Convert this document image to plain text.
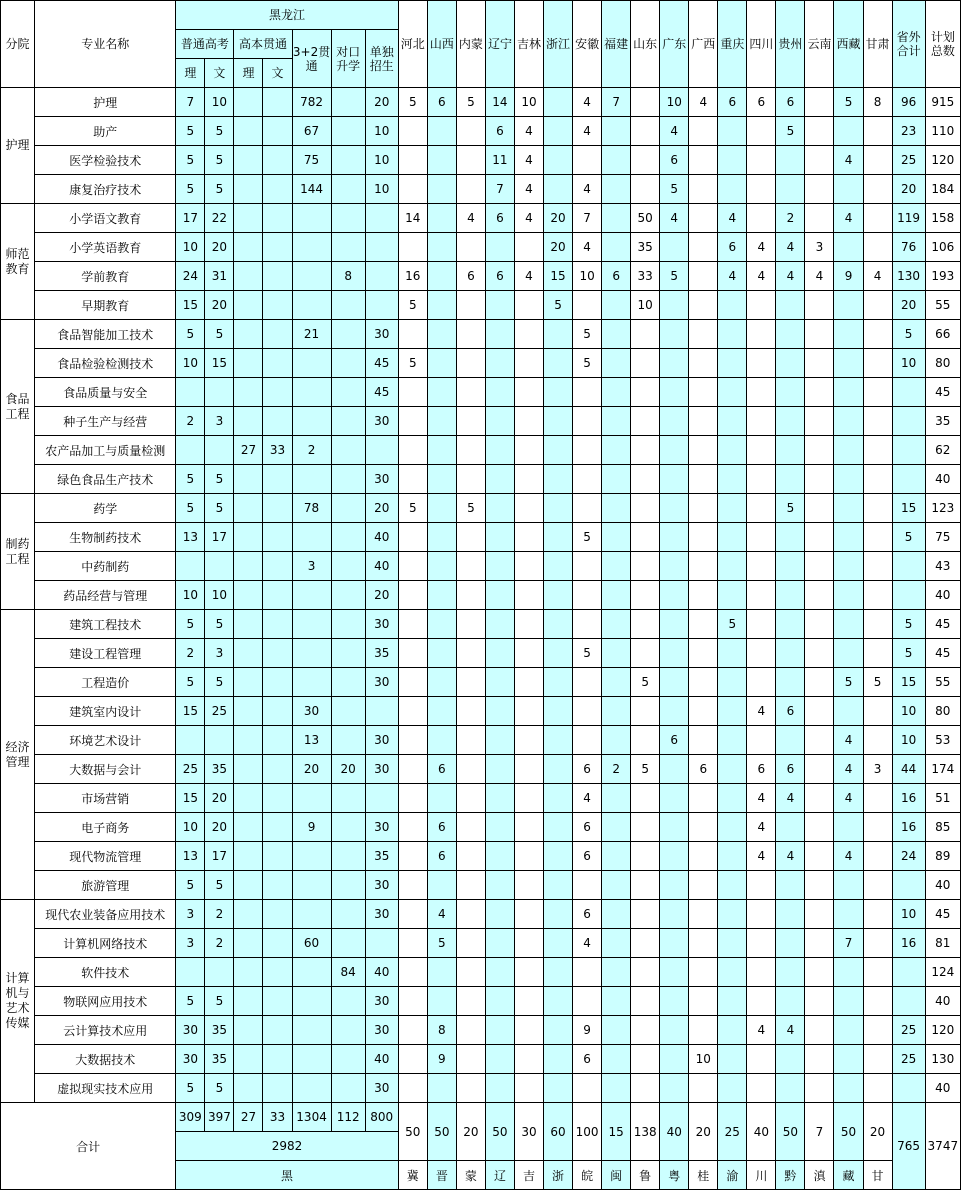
分院	专业名称	黑龙江							河北	山西	内蒙	辽宁	吉林	浙江	安徽	福建	山东	广东	广西	重庆	四川	贵州	云南	西藏	甘肃	省外合计	计划总数
		普通高考		高本贯通		3+2贯通	对口升学	单独招生																			
		理	文	理	文																						
护理	护理	7	10			782		20	5	6	5	14	10		4	7		10	4	6	6	6		5	8	96	915
	助产	5	5			67		10				6	4		4			4				5				23	110
	医学检验技术	5	5			75		10				11	4					6						4		25	120
	康复治疗技术	5	5			144		10				7	4		4			5								20	184
师范教育	小学语文教育	17	22						14		4	6	4	20	7		50	4		4		2		4		119	158
	小学英语教育	10	20											20	4		35			6	4	4	3			76	106
	学前教育	24	31				8		16		6	6	4	15	10	6	33	5		4	4	4	4	9	4	130	193
	早期教育	15	20						5					5			10									20	55
食品工程	食品智能加工技术	5	5			21		30							5											5	66
	食品检验检测技术	10	15					45	5						5											10	80
	食品质量与安全							45																			45
	种子生产与经营	2	3					30																			35
	农产品加工与质量检测			27	33	2																					62
	绿色食品生产技术	5	5					30																			40
制药工程	药学	5	5			78		20	5		5											5				15	123
	生物制药技术	13	17					40							5											5	75
	中药制药					3		40																			43
	药品经营与管理	10	10					20																			40
经济管理	建筑工程技术	5	5					30												5						5	45
	建设工程管理	2	3					35							5											5	45
	工程造价	5	5					30									5							5	5	15	55
	建筑室内设计	15	25			30															4	6				10	80
	环境艺术设计					13		30										6						4		10	53
	大数据与会计	25	35			20	20	30		6					6	2	5		6		6	6		4	3	44	174
	市场营销	15	20												4						4	4		4		16	51
	电子商务	10	20			9		30		6					6						4					16	85
	现代物流管理	13	17					35		6					6						4	4		4		24	89
	旅游管理	5	5					30																			40
计算机与艺术传媒	现代农业装备应用技术	3	2					30		4					6											10	45
	计算机网络技术	3	2			60				5					4									7		16	81
	软件技术						84	40																			124
	物联网应用技术	5	5					30																			40
	云计算技术应用	30	35					30		8					9						4	4				25	120
	大数据技术	30	35					40		9					6				10							25	130
	虚拟现实技术应用	5	5					30																			40
合计		309	397	27	33	1304	112	800	50	50	20	50	30	60	100	15	138	40	20	25	40	50	7	50	20	765	3747
		2982																									
		黑							冀	晋	蒙	辽	吉	浙	皖	闽	鲁	粤	桂	渝	川	黔	滇	藏	甘		
